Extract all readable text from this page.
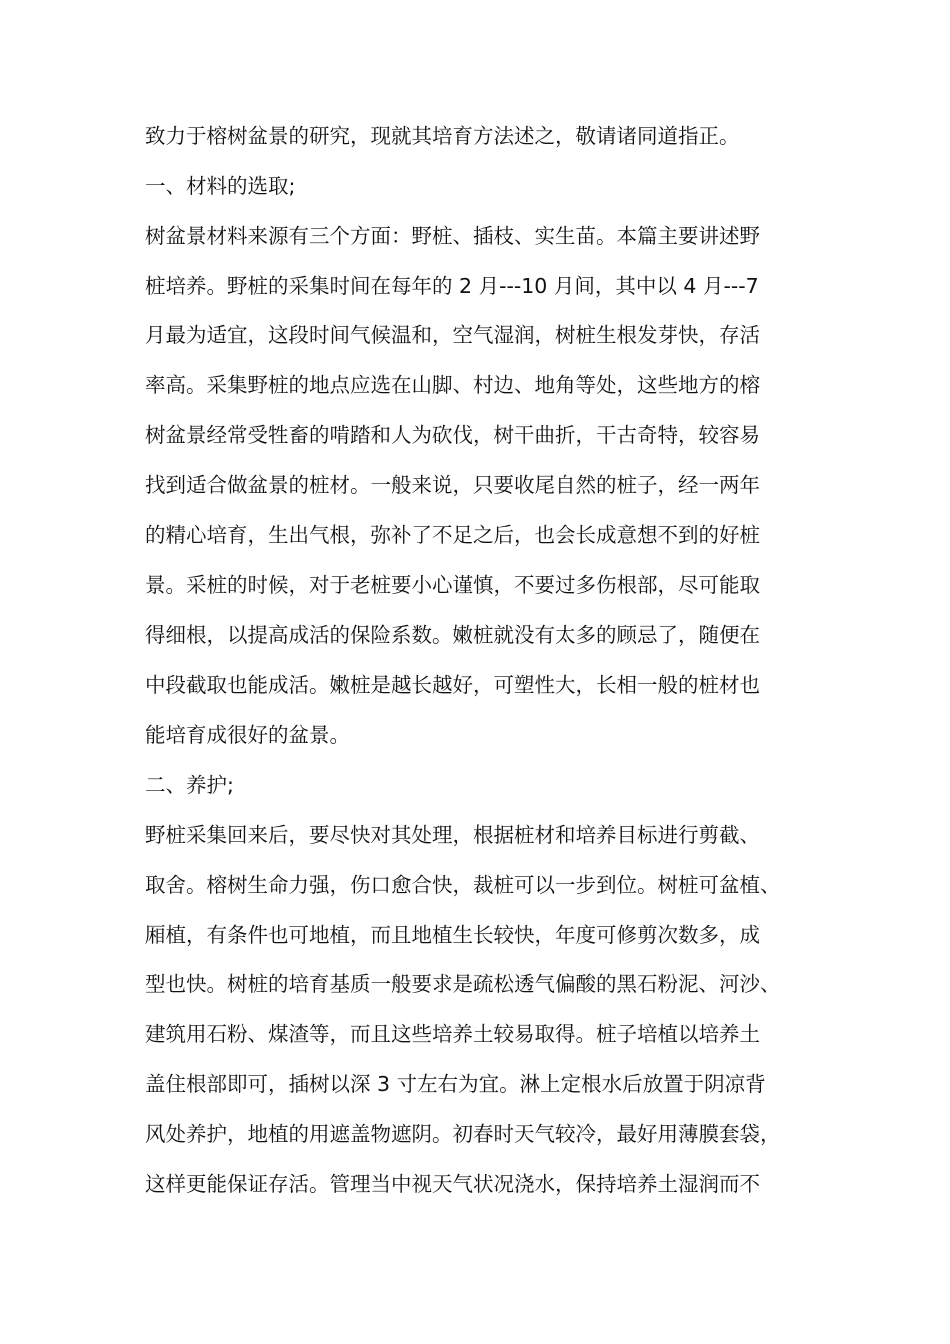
致力于榕树盆景的研究，现就其培育方法述之，敬请诸同道指正。
一、材料的选取;
树盆景材料来源有三个方面：野桩、插枝、实生苗。本篇主要讲述野
桩培养。野桩的采集时间在每年的 2 月---10 月间，其中以 4 月---7
月最为适宜，这段时间气候温和，空气湿润，树桩生根发芽快，存活
率高。采集野桩的地点应选在山脚、村边、地角等处，这些地方的榕
树盆景经常受牲畜的啃踏和人为砍伐，树干曲折，干古奇特，较容易
找到适合做盆景的桩材。一般来说，只要收尾自然的桩子，经一两年
的精心培育，生出气根，弥补了不足之后，也会长成意想不到的好桩
景。采桩的时候，对于老桩要小心谨慎，不要过多伤根部，尽可能取
得细根，以提高成活的保险系数。嫩桩就没有太多的顾忌了，随便在
中段截取也能成活。嫩桩是越长越好，可塑性大，长相一般的桩材也
能培育成很好的盆景。
二、养护;
野桩采集回来后，要尽快对其处理，根据桩材和培养目标进行剪截、
取舍。榕树生命力强，伤口愈合快，裁桩可以一步到位。树桩可盆植、
厢植，有条件也可地植，而且地植生长较快，年度可修剪次数多，成
型也快。树桩的培育基质一般要求是疏松透气偏酸的黑石粉泥、河沙、
建筑用石粉、煤渣等，而且这些培养土较易取得。桩子培植以培养土
盖住根部即可，插树以深 3 寸左右为宜。淋上定根水后放置于阴凉背
风处养护，地植的用遮盖物遮阴。初春时天气较冷，最好用薄膜套袋，
这样更能保证存活。管理当中视天气状况浇水，保持培养土湿润而不
